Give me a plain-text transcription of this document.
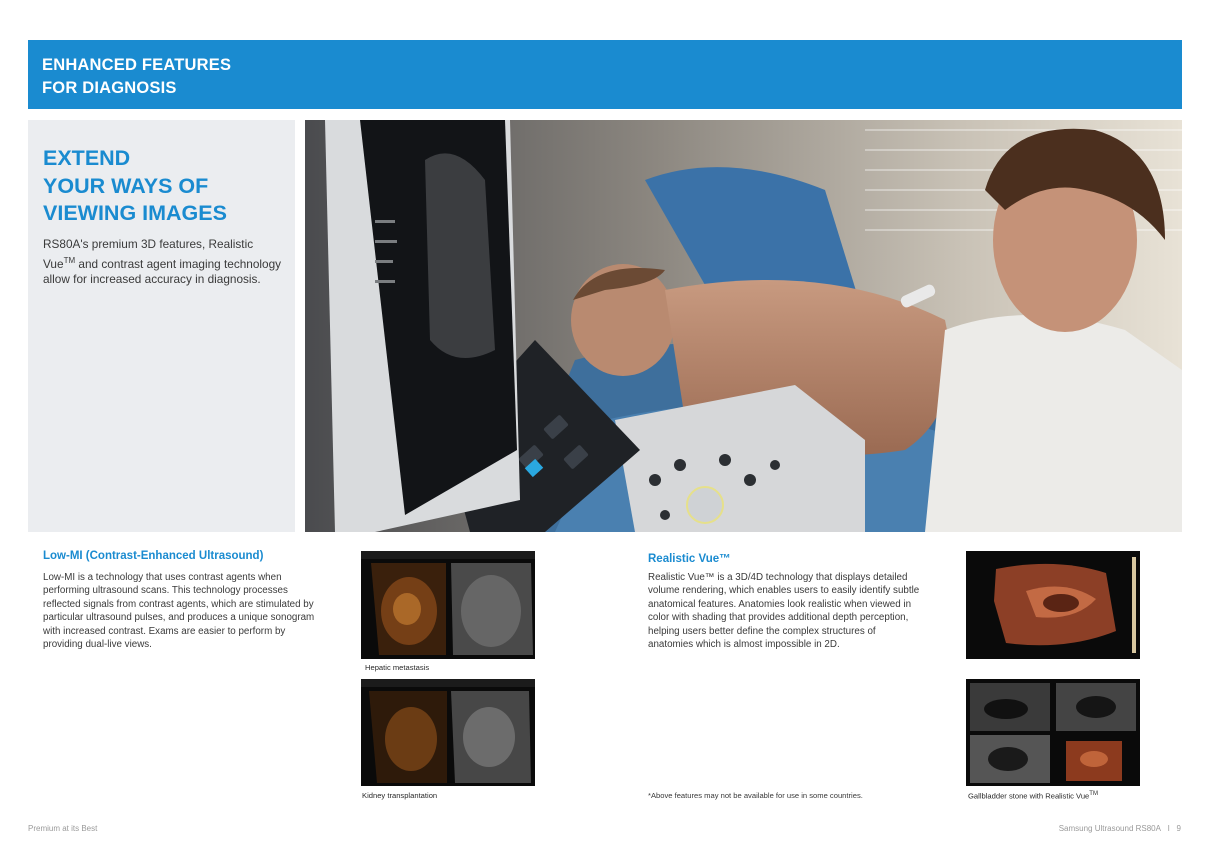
ENHANCED FEATURES
FOR DIAGNOSIS
EXTEND
YOUR WAYS OF
VIEWING IMAGES

RS80A's premium 3D features, Realistic Vue™ and contrast agent imaging technology allow for increased accuracy in diagnosis.

Low-MI (Contrast-Enhanced Ultrasound)

Low-MI is a technology that uses contrast agents when performing ultrasound scans. This technology processes reflected signals from contrast agents, which are stimulated by particular ultrasound pulses, and produces a unique sonogram with increased contrast. Exams are easier to perform by providing dual-live views.

Hepatic metastasis
Kidney transplantation
Realistic Vue™

Realistic Vue™ is a 3D/4D technology that displays detailed volume rendering, which enables users to easily identify subtle anatomical features. Anatomies look realistic when viewed in color with shading that provides additional depth perception, helping users better define the complex structures of anatomies which is almost impossible in 2D.

Gallbladder stone with Realistic Vue™
*Above features may not be available for use in some countries.
Premium at its Best	Samsung Ultrasound RS80A I 9
